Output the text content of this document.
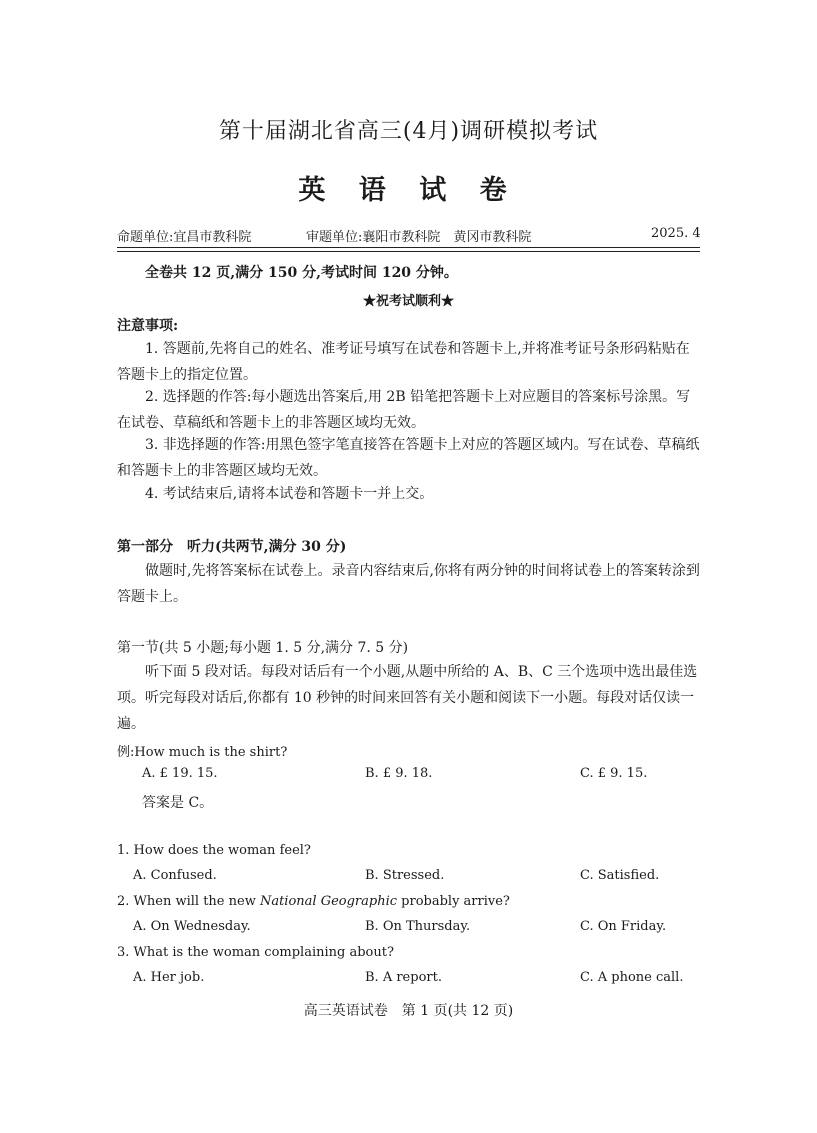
第十届湖北省高三(4月)调研模拟考试
英 语 试 卷
命题单位:宜昌市教科院	审题单位:襄阳市教科院　黄冈市教科院	2025. 4
全卷共 12 页,满分 150 分,考试时间 120 分钟。
★祝考试顺利★
注意事项:
1. 答题前,先将自己的姓名、准考证号填写在试卷和答题卡上,并将准考证号条形码粘贴在答题卡上的指定位置。
2. 选择题的作答:每小题选出答案后,用 2B 铅笔把答题卡上对应题目的答案标号涂黑。写在试卷、草稿纸和答题卡上的非答题区域均无效。
3. 非选择题的作答:用黑色签字笔直接答在答题卡上对应的答题区域内。写在试卷、草稿纸和答题卡上的非答题区域均无效。
4. 考试结束后,请将本试卷和答题卡一并上交。
第一部分　听力(共两节,满分 30 分)
做题时,先将答案标在试卷上。录音内容结束后,你将有两分钟的时间将试卷上的答案转涂到答题卡上。
第一节(共 5 小题;每小题 1. 5 分,满分 7. 5 分)
听下面 5 段对话。每段对话后有一个小题,从题中所给的 A、B、C 三个选项中选出最佳选项。听完每段对话后,你都有 10 秒钟的时间来回答有关小题和阅读下一小题。每段对话仅读一遍。
例:How much is the shirt?
A. £ 19. 15.	B. £ 9. 18.	C. £ 9. 15.
答案是 C。
1. How does the woman feel?
A. Confused.	B. Stressed.	C. Satisfied.
2. When will the new National Geographic probably arrive?
A. On Wednesday.	B. On Thursday.	C. On Friday.
3. What is the woman complaining about?
A. Her job.	B. A report.	C. A phone call.
高三英语试卷　第 1 页(共 12 页)
